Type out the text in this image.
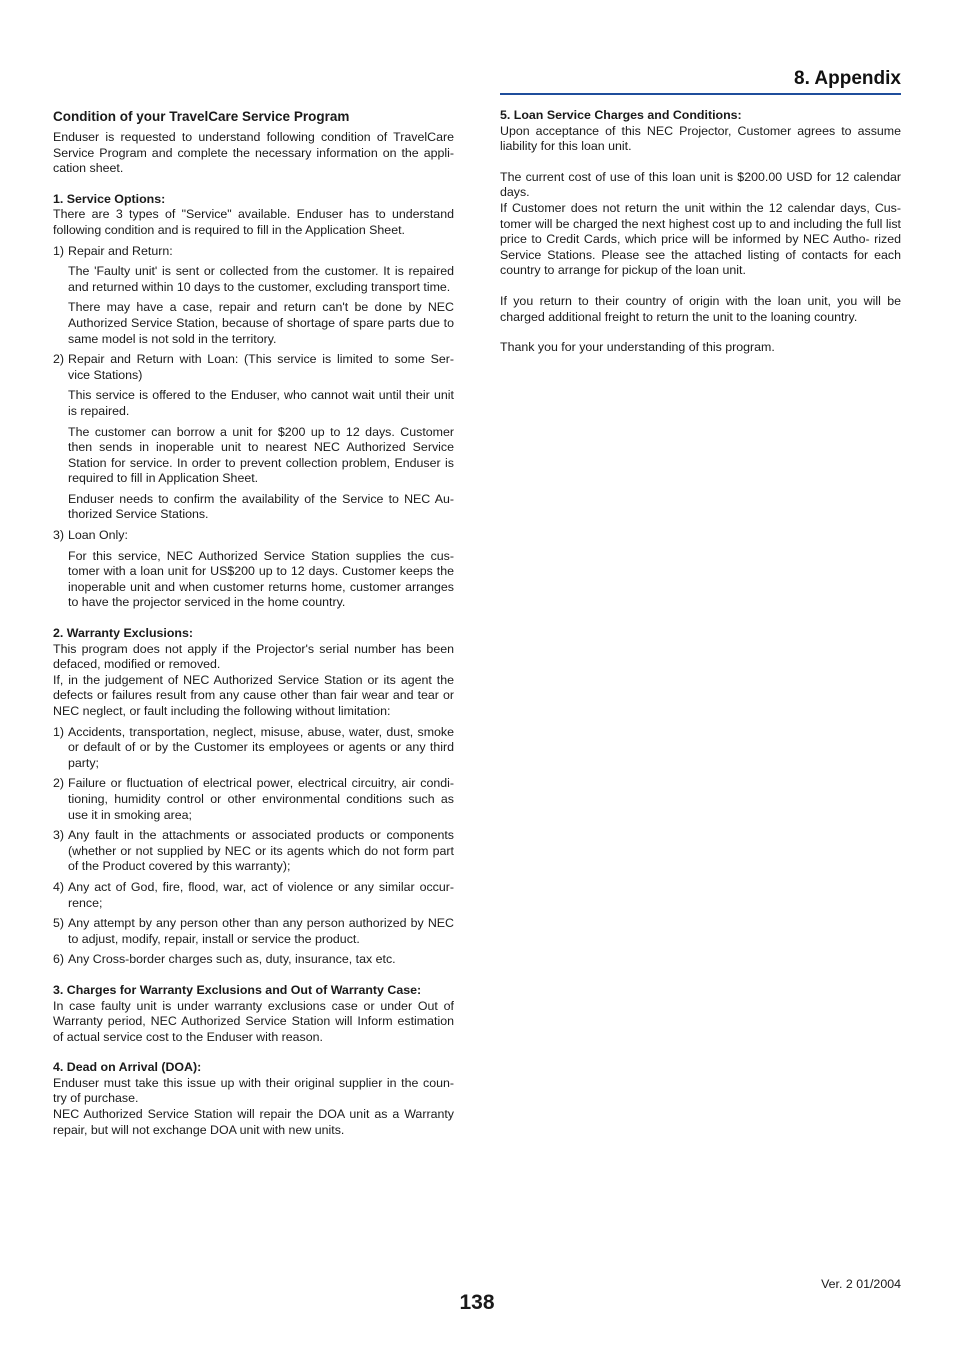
8. Appendix

Condition of your TravelCare Service Program

Enduser is requested to understand following condition of TravelCare Service Program and complete the necessary information on the appli- cation sheet.

1. Service Options:

There are 3 types of "Service" available. Enduser has to understand following condition and is required to fill in the Application Sheet.

1) Repair and Return:

The 'Faulty unit' is sent or collected from the customer. It is repaired and returned within 10 days to the customer, excluding transport time.

There may have a case, repair and return can't be done by NEC Authorized Service Station, because of shortage of spare parts due to same model is not sold in the territory.

2) Repair and Return with Loan: (This service is limited to some Ser- vice Stations)

This service is offered to the Enduser, who cannot wait until their unit is repaired.

The customer can borrow a unit for $200 up to 12 days. Customer then sends in inoperable unit to nearest NEC Authorized Service Station for service. In order to prevent collection problem, Enduser is required to fill in Application Sheet.

Enduser needs to confirm the availability of the Service to NEC Au- thorized Service Stations.

3) Loan Only:

For this service, NEC Authorized Service Station supplies the cus- tomer with a loan unit for US$200 up to 12 days. Customer keeps the inoperable unit and when customer returns home, customer arranges to have the projector serviced in the home country.

2. Warranty Exclusions:

This program does not apply if the Projector's serial number has been defaced, modified or removed.

If, in the judgement of NEC Authorized Service Station or its agent the defects or failures result from any cause other than fair wear and tear or NEC neglect, or fault including the following without limitation:

1) Accidents, transportation, neglect, misuse, abuse, water, dust, smoke or default of or by the Customer its employees or agents or any third party;
2) Failure or fluctuation of electrical power, electrical circuitry, air condi- tioning, humidity control or other environmental conditions such as use it in smoking area;
3) Any fault in the attachments or associated products or components (whether or not supplied by NEC or its agents which do not form part of the Product covered by this warranty);
4) Any act of God, fire, flood, war, act of violence or any similar occur- rence;
5) Any attempt by any person other than any person authorized by NEC to adjust, modify, repair, install or service the product.
6) Any Cross-border charges such as, duty, insurance, tax etc.

3. Charges for Warranty Exclusions and Out of Warranty Case:

In case faulty unit is under warranty exclusions case or under Out of Warranty period, NEC Authorized Service Station will Inform estimation of actual service cost to the Enduser with reason.

4. Dead on Arrival (DOA):

Enduser must take this issue up with their original supplier in the coun- try of purchase.

NEC Authorized Service Station will repair the DOA unit as a Warranty repair, but will not exchange DOA unit with new units.

5. Loan Service Charges and Conditions:

Upon acceptance of this NEC Projector, Customer agrees to assume liability for this loan unit.

The current cost of use of this loan unit is $200.00 USD for 12 calendar days.

If Customer does not return the unit within the 12 calendar days, Cus- tomer will be charged the next highest cost up to and including the full list price to Credit Cards, which price will be informed by NEC Autho- rized Service Stations. Please see the attached listing of contacts for each country to arrange for pickup of the loan unit.

If you return to their country of origin with the loan unit, you will be charged additional freight to return the unit to the loaning country.

Thank you for your understanding of this program.

Ver. 2 01/2004
138
